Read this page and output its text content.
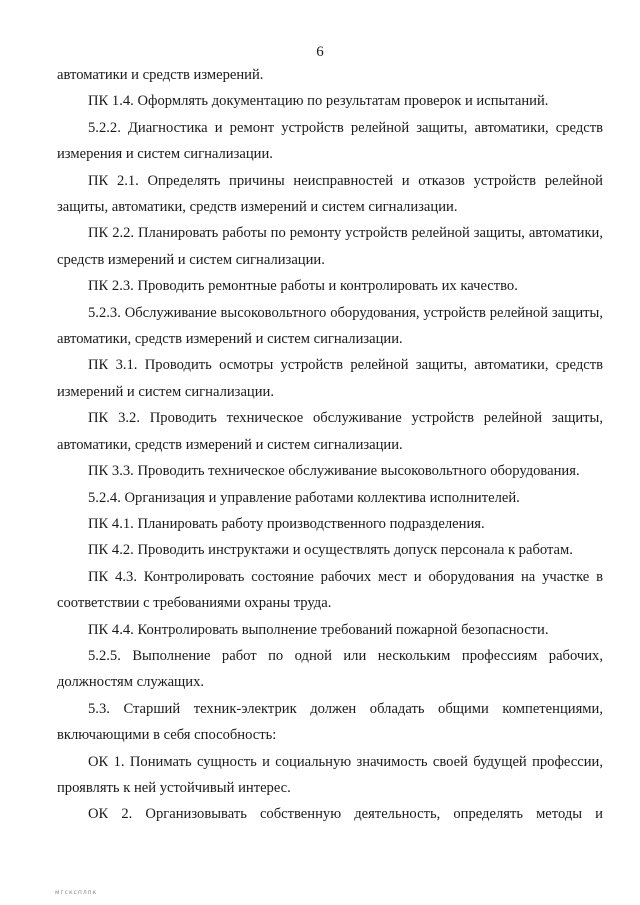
6

автоматики и средств измерений.

ПК 1.4. Оформлять документацию по результатам проверок и испытаний.

5.2.2. Диагностика и ремонт устройств релейной защиты, автоматики, средств измерения и систем сигнализации.

ПК 2.1. Определять причины неисправностей и отказов устройств релейной защиты, автоматики, средств измерений и систем сигнализации.

ПК 2.2. Планировать работы по ремонту устройств релейной защиты, автоматики, средств измерений и систем сигнализации.

ПК 2.3. Проводить ремонтные работы и контролировать их качество.

5.2.3. Обслуживание высоковольтного оборудования, устройств релейной защиты, автоматики, средств измерений и систем сигнализации.

ПК 3.1. Проводить осмотры устройств релейной защиты, автоматики, средств измерений и систем сигнализации.

ПК 3.2. Проводить техническое обслуживание устройств релейной защиты, автоматики, средств измерений и систем сигнализации.

ПК 3.3. Проводить техническое обслуживание высоковольтного оборудования.

5.2.4. Организация и управление работами коллектива исполнителей.

ПК 4.1. Планировать работу производственного подразделения.

ПК 4.2. Проводить инструктажи и осуществлять допуск персонала к работам.

ПК 4.3. Контролировать состояние рабочих мест и оборудования на участке в соответствии с требованиями охраны труда.

ПК 4.4. Контролировать выполнение требований пожарной безопасности.

5.2.5. Выполнение работ по одной или нескольким профессиям рабочих, должностям служащих.

5.3. Старший техник-электрик должен обладать общими компетенциями, включающими в себя способность:

ОК 1. Понимать сущность и социальную значимость своей будущей профессии, проявлять к ней устойчивый интерес.

ОК 2. Организовывать собственную деятельность, определять методы и

мгсксплпк
